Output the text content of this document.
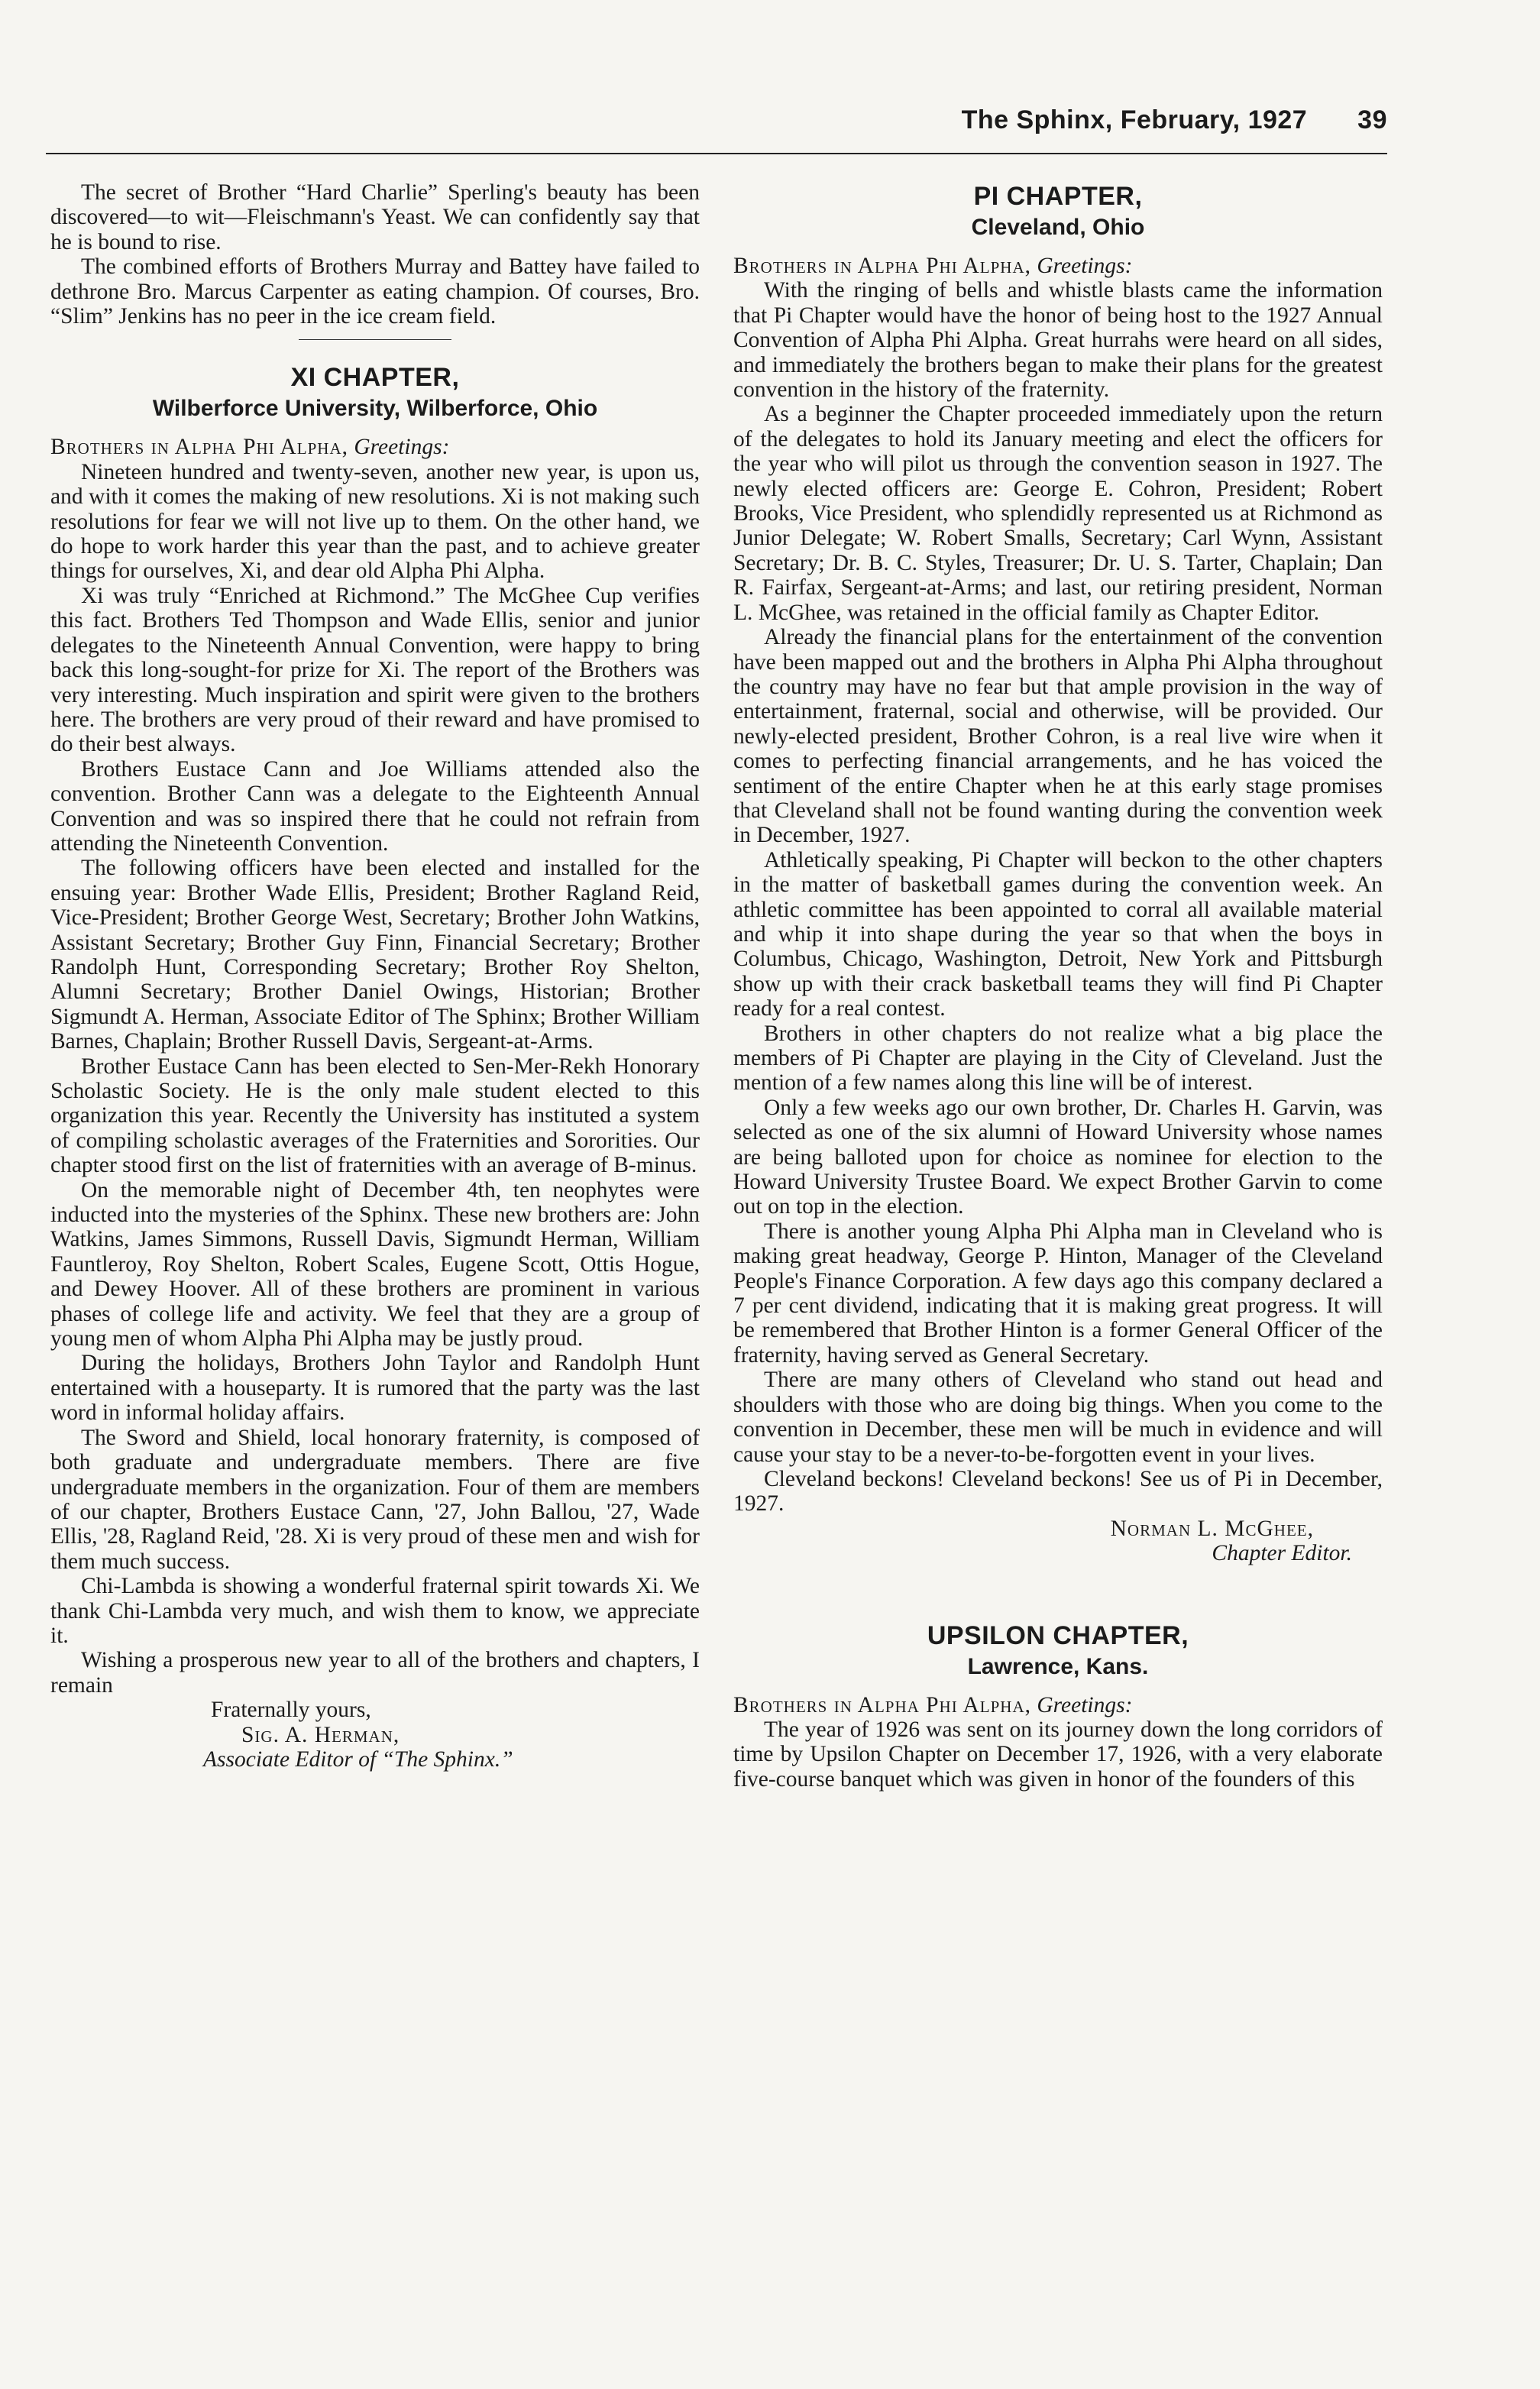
The Sphinx, February, 1927 39

The secret of Brother “Hard Charlie” Sperling's beauty has been discovered—to wit—Fleischmann's Yeast. We can confidently say that he is bound to rise.

The combined efforts of Brothers Murray and Battey have failed to dethrone Bro. Marcus Carpenter as eating champion. Of courses, Bro. “Slim” Jenkins has no peer in the ice cream field.

XI CHAPTER,
Wilberforce University, Wilberforce, Ohio

Brothers in Alpha Phi Alpha, Greetings:

Nineteen hundred and twenty-seven, another new year, is upon us, and with it comes the making of new resolutions. Xi is not making such resolutions for fear we will not live up to them. On the other hand, we do hope to work harder this year than the past, and to achieve greater things for ourselves, Xi, and dear old Alpha Phi Alpha.

Xi was truly “Enriched at Richmond.” The McGhee Cup verifies this fact. Brothers Ted Thompson and Wade Ellis, senior and junior delegates to the Nineteenth Annual Convention, were happy to bring back this long-sought-for prize for Xi. The report of the Brothers was very interesting. Much inspiration and spirit were given to the brothers here. The brothers are very proud of their reward and have promised to do their best always.

Brothers Eustace Cann and Joe Williams attended also the convention. Brother Cann was a delegate to the Eighteenth Annual Convention and was so inspired there that he could not refrain from attending the Nineteenth Convention.

The following officers have been elected and installed for the ensuing year: Brother Wade Ellis, President; Brother Ragland Reid, Vice-President; Brother George West, Secretary; Brother John Watkins, Assistant Secretary; Brother Guy Finn, Financial Secretary; Brother Randolph Hunt, Corresponding Secretary; Brother Roy Shelton, Alumni Secretary; Brother Daniel Owings, Historian; Brother Sigmundt A. Herman, Associate Editor of The Sphinx; Brother William Barnes, Chaplain; Brother Russell Davis, Sergeant-at-Arms.

Brother Eustace Cann has been elected to Sen-Mer-Rekh Honorary Scholastic Society. He is the only male student elected to this organization this year. Recently the University has instituted a system of compiling scholastic averages of the Fraternities and Sororities. Our chapter stood first on the list of fraternities with an average of B-minus.

On the memorable night of December 4th, ten neophytes were inducted into the mysteries of the Sphinx. These new brothers are: John Watkins, James Simmons, Russell Davis, Sigmundt Herman, William Fauntleroy, Roy Shelton, Robert Scales, Eugene Scott, Ottis Hogue, and Dewey Hoover. All of these brothers are prominent in various phases of college life and activity. We feel that they are a group of young men of whom Alpha Phi Alpha may be justly proud.

During the holidays, Brothers John Taylor and Randolph Hunt entertained with a houseparty. It is rumored that the party was the last word in informal holiday affairs.

The Sword and Shield, local honorary fraternity, is composed of both graduate and undergraduate members. There are five undergraduate members in the organization. Four of them are members of our chapter, Brothers Eustace Cann, '27, John Ballou, '27, Wade Ellis, '28, Ragland Reid, '28. Xi is very proud of these men and wish for them much success.

Chi-Lambda is showing a wonderful fraternal spirit towards Xi. We thank Chi-Lambda very much, and wish them to know, we appreciate it.

Wishing a prosperous new year to all of the brothers and chapters, I remain

Fraternally yours,

Sig. A. Herman,

Associate Editor of “The Sphinx.”

PI CHAPTER,
Cleveland, Ohio

Brothers in Alpha Phi Alpha, Greetings:

With the ringing of bells and whistle blasts came the information that Pi Chapter would have the honor of being host to the 1927 Annual Convention of Alpha Phi Alpha. Great hurrahs were heard on all sides, and immediately the brothers began to make their plans for the greatest convention in the history of the fraternity.

As a beginner the Chapter proceeded immediately upon the return of the delegates to hold its January meeting and elect the officers for the year who will pilot us through the convention season in 1927. The newly elected officers are: George E. Cohron, President; Robert Brooks, Vice President, who splendidly represented us at Richmond as Junior Delegate; W. Robert Smalls, Secretary; Carl Wynn, Assistant Secretary; Dr. B. C. Styles, Treasurer; Dr. U. S. Tarter, Chaplain; Dan R. Fairfax, Sergeant-at-Arms; and last, our retiring president, Norman L. McGhee, was retained in the official family as Chapter Editor.

Already the financial plans for the entertainment of the convention have been mapped out and the brothers in Alpha Phi Alpha throughout the country may have no fear but that ample provision in the way of entertainment, fraternal, social and otherwise, will be provided. Our newly-elected president, Brother Cohron, is a real live wire when it comes to perfecting financial arrangements, and he has voiced the sentiment of the entire Chapter when he at this early stage promises that Cleveland shall not be found wanting during the convention week in December, 1927.

Athletically speaking, Pi Chapter will beckon to the other chapters in the matter of basketball games during the convention week. An athletic committee has been appointed to corral all available material and whip it into shape during the year so that when the boys in Columbus, Chicago, Washington, Detroit, New York and Pittsburgh show up with their crack basketball teams they will find Pi Chapter ready for a real contest.

Brothers in other chapters do not realize what a big place the members of Pi Chapter are playing in the City of Cleveland. Just the mention of a few names along this line will be of interest.

Only a few weeks ago our own brother, Dr. Charles H. Garvin, was selected as one of the six alumni of Howard University whose names are being balloted upon for choice as nominee for election to the Howard University Trustee Board. We expect Brother Garvin to come out on top in the election.

There is another young Alpha Phi Alpha man in Cleveland who is making great headway, George P. Hinton, Manager of the Cleveland People's Finance Corporation. A few days ago this company declared a 7 per cent dividend, indicating that it is making great progress. It will be remembered that Brother Hinton is a former General Officer of the fraternity, having served as General Secretary.

There are many others of Cleveland who stand out head and shoulders with those who are doing big things. When you come to the convention in December, these men will be much in evidence and will cause your stay to be a never-to-be-forgotten event in your lives.

Cleveland beckons! Cleveland beckons! See us of Pi in December, 1927.

Norman L. McGhee,
Chapter Editor.

UPSILON CHAPTER,
Lawrence, Kans.

Brothers in Alpha Phi Alpha, Greetings:

The year of 1926 was sent on its journey down the long corridors of time by Upsilon Chapter on December 17, 1926, with a very elaborate five-course banquet which was given in honor of the founders of this
